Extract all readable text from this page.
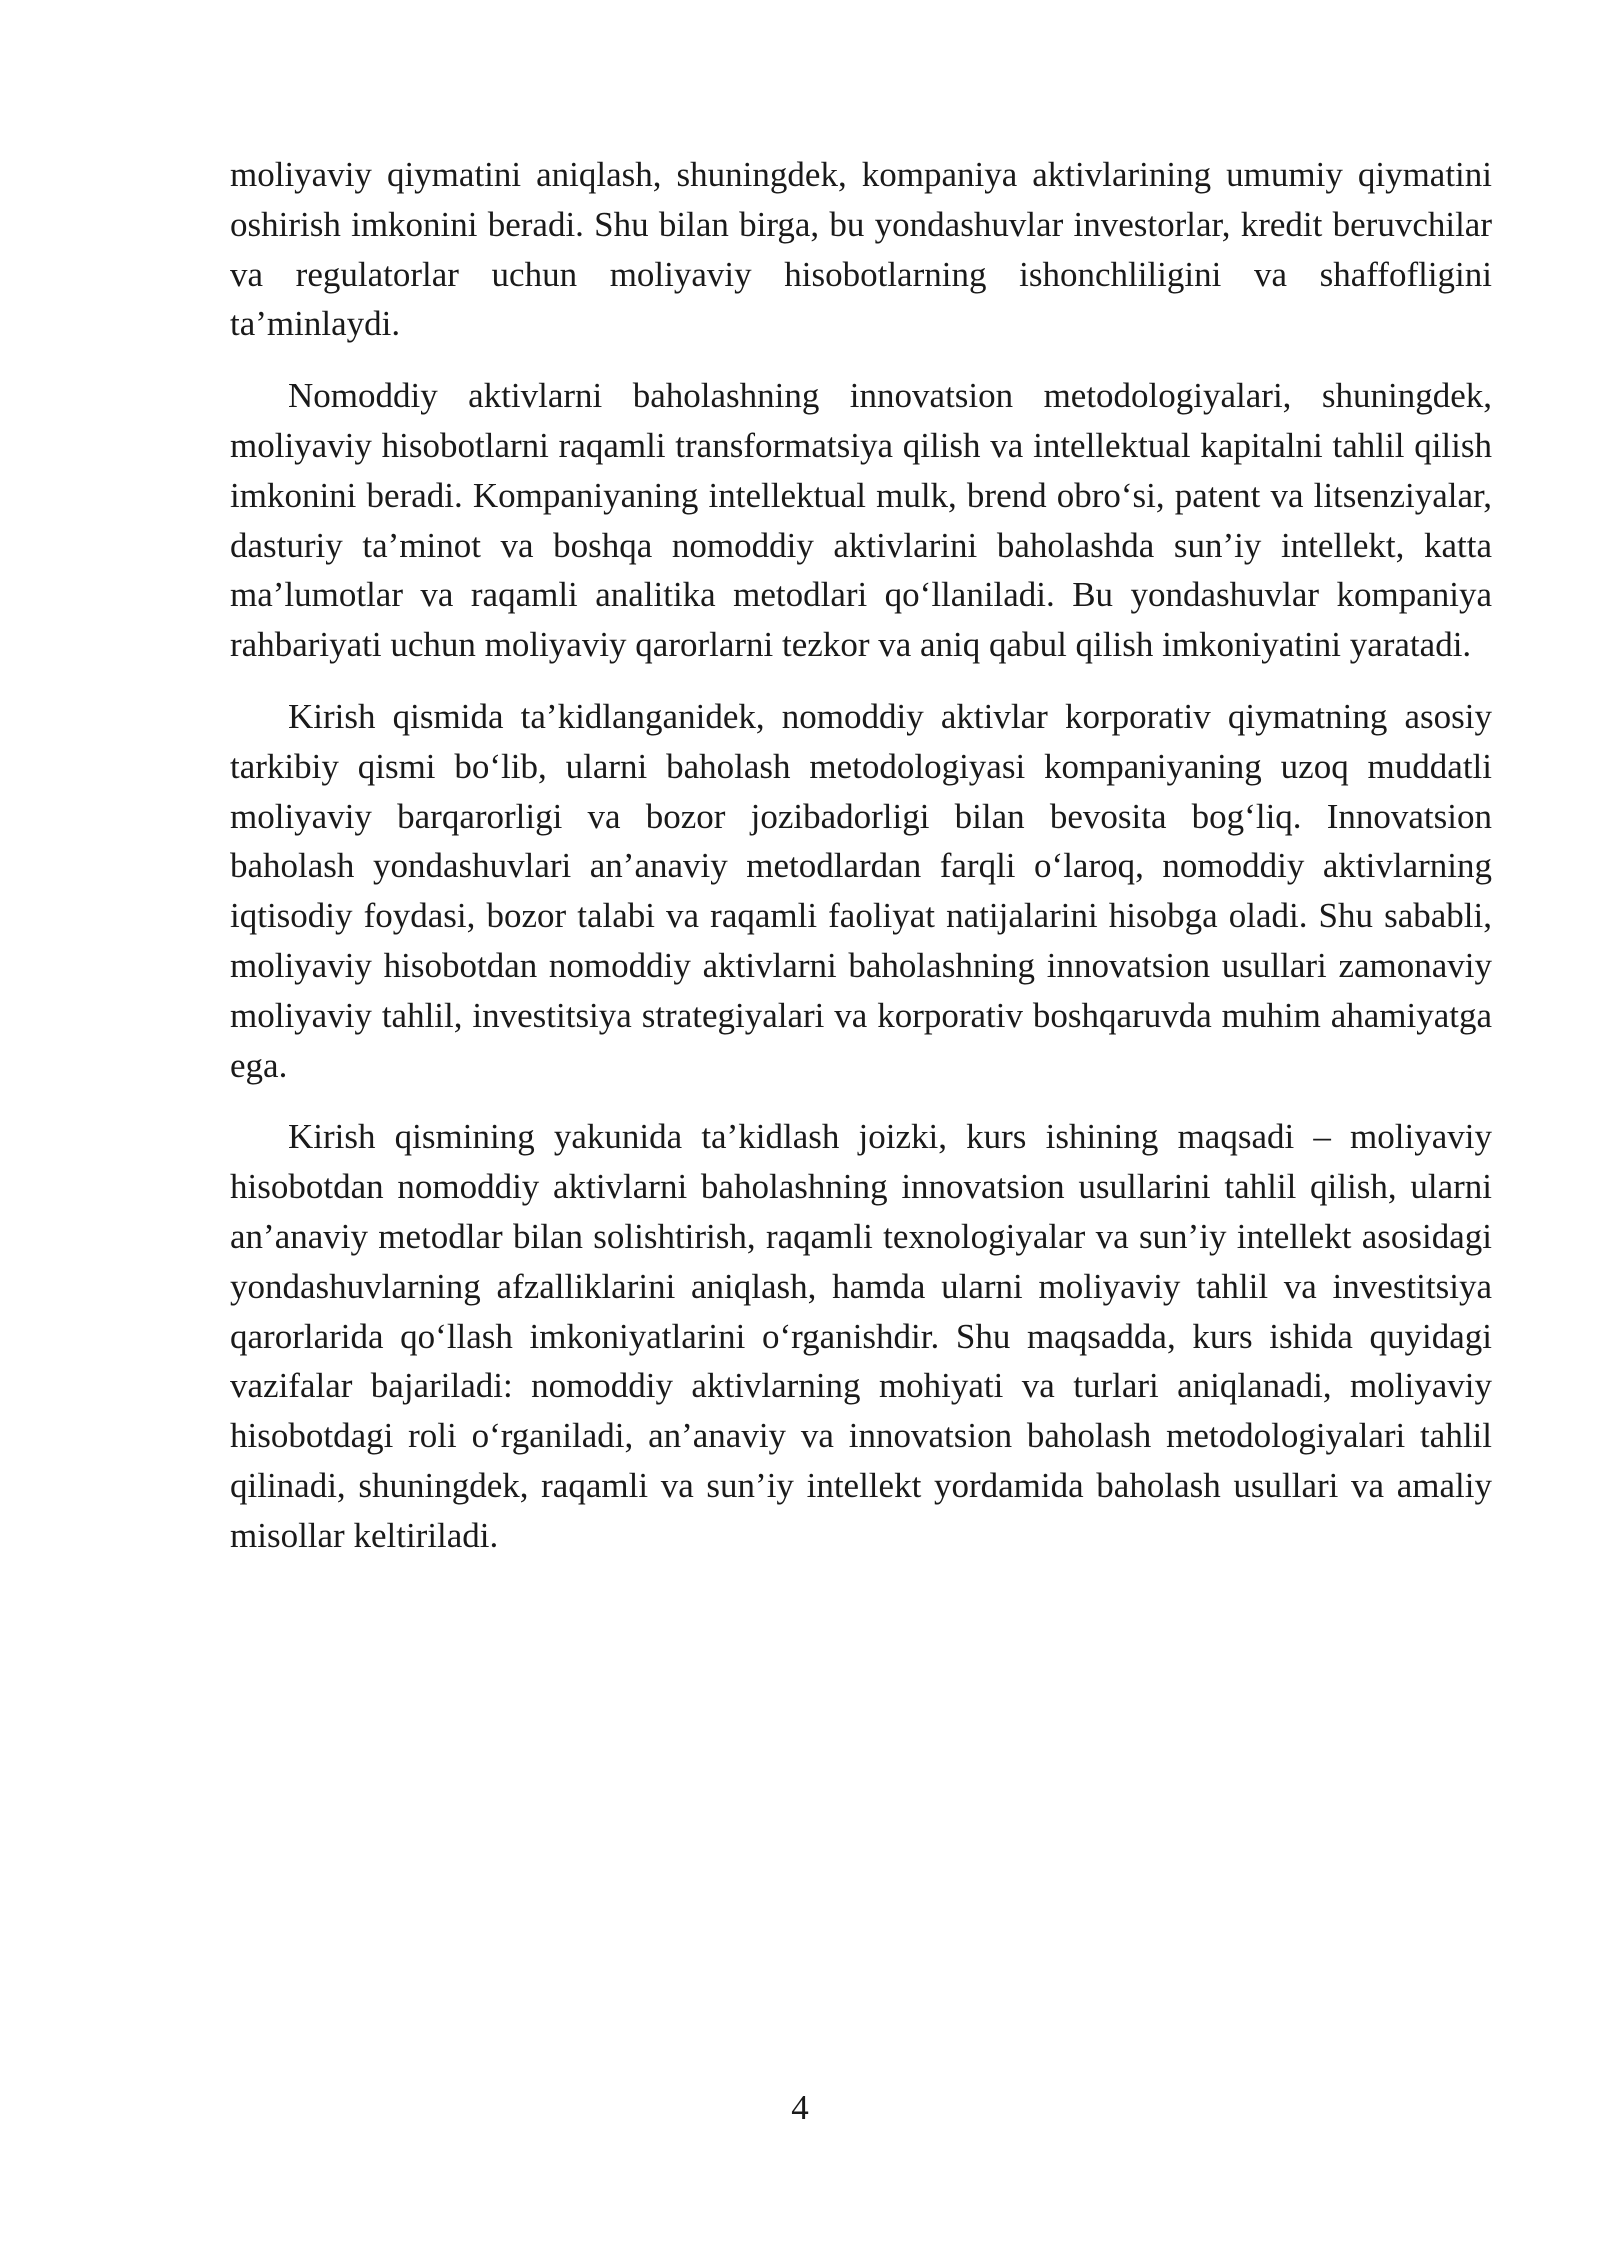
moliyaviy qiymatini aniqlash, shuningdek, kompaniya aktivlarining umumiy qiymatini oshirish imkonini beradi. Shu bilan birga, bu yondashuvlar investorlar, kredit beruvchilar va regulatorlar uchun moliyaviy hisobotlarning ishonchliligini va shaffofligini ta’minlaydi.

Nomoddiy aktivlarni baholashning innovatsion metodologiyalari, shuningdek, moliyaviy hisobotlarni raqamli transformatsiya qilish va intellektual kapitalni tahlil qilish imkonini beradi. Kompaniyaning intellektual mulk, brend obro‘si, patent va litsenziyalar, dasturiy ta’minot va boshqa nomoddiy aktivlarini baholashda sun’iy intellekt, katta ma’lumotlar va raqamli analitika metodlari qo‘llaniladi. Bu yondashuvlar kompaniya rahbariyati uchun moliyaviy qarorlarni tezkor va aniq qabul qilish imkoniyatini yaratadi.

Kirish qismida ta’kidlanganidek, nomoddiy aktivlar korporativ qiymatning asosiy tarkibiy qismi bo‘lib, ularni baholash metodologiyasi kompaniyaning uzoq muddatli moliyaviy barqarorligi va bozor jozibadorligi bilan bevosita bog‘liq. Innovatsion baholash yondashuvlari an’anaviy metodlardan farqli o‘laroq, nomoddiy aktivlarning iqtisodiy foydasi, bozor talabi va raqamli faoliyat natijalarini hisobga oladi. Shu sababli, moliyaviy hisobotdan nomoddiy aktivlarni baholashning innovatsion usullari zamonaviy moliyaviy tahlil, investitsiya strategiyalari va korporativ boshqaruvda muhim ahamiyatga ega.

Kirish qismining yakunida ta’kidlash joizki, kurs ishining maqsadi – moliyaviy hisobotdan nomoddiy aktivlarni baholashning innovatsion usullarini tahlil qilish, ularni an’anaviy metodlar bilan solishtirish, raqamli texnologiyalar va sun’iy intellekt asosidagi yondashuvlarning afzalliklarini aniqlash, hamda ularni moliyaviy tahlil va investitsiya qarorlarida qo‘llash imkoniyatlarini o‘rganishdir. Shu maqsadda, kurs ishida quyidagi vazifalar bajariladi: nomoddiy aktivlarning mohiyati va turlari aniqlanadi, moliyaviy hisobotdagi roli o‘rganiladi, an’anaviy va innovatsion baholash metodologiyalari tahlil qilinadi, shuningdek, raqamli va sun’iy intellekt yordamida baholash usullari va amaliy misollar keltiriladi.

4
